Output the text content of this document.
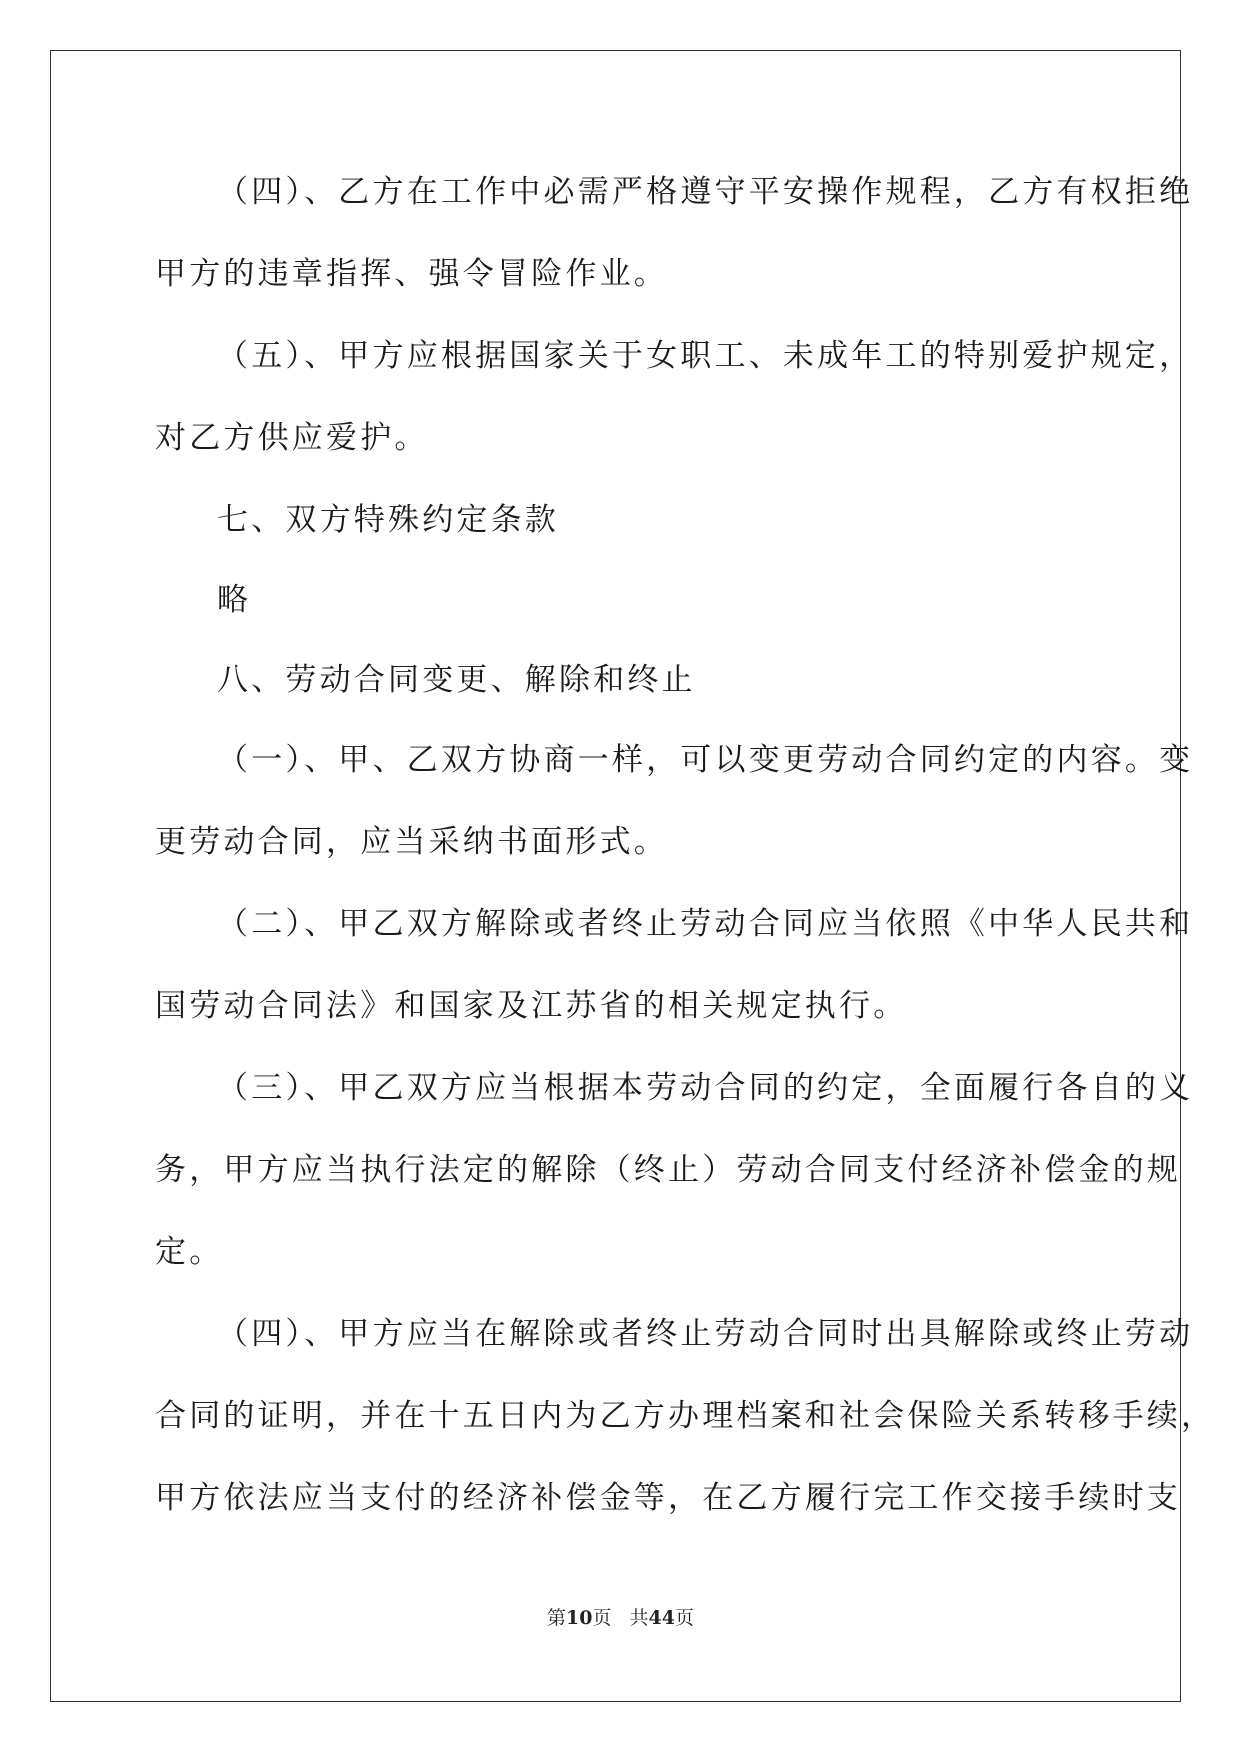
（四）、乙方在工作中必需严格遵守平安操作规程，乙方有权拒绝
甲方的违章指挥、强令冒险作业。
（五）、甲方应根据国家关于女职工、未成年工的特别爱护规定，
对乙方供应爱护。
七、双方特殊约定条款
略
八、劳动合同变更、解除和终止
（一）、甲、乙双方协商一样，可以变更劳动合同约定的内容。变
更劳动合同，应当采纳书面形式。
（二）、甲乙双方解除或者终止劳动合同应当依照《中华人民共和
国劳动合同法》和国家及江苏省的相关规定执行。
（三）、甲乙双方应当根据本劳动合同的约定，全面履行各自的义
务，甲方应当执行法定的解除（终止）劳动合同支付经济补偿金的规
定。
（四）、甲方应当在解除或者终止劳动合同时出具解除或终止劳动
合同的证明，并在十五日内为乙方办理档案和社会保险关系转移手续，
甲方依法应当支付的经济补偿金等，在乙方履行完工作交接手续时支
第10页 共44页
